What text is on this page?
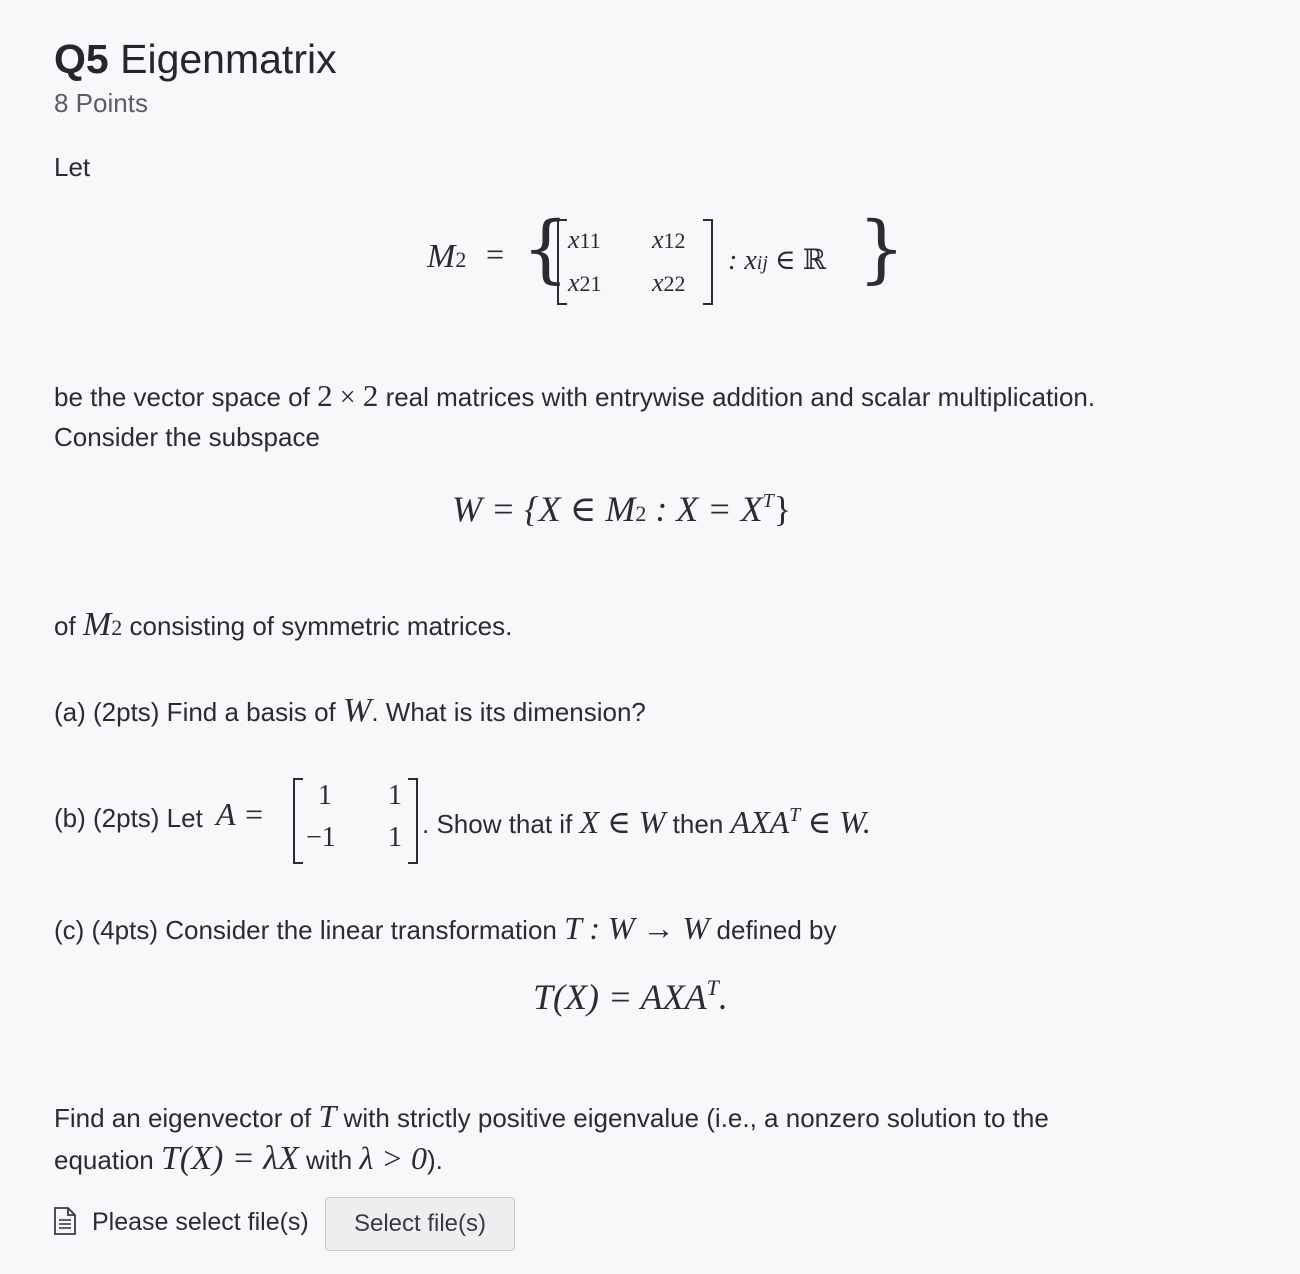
Q5 Eigenmatrix
8 Points
Let
M2 = {
x11 x12
x21 x22
: xij ∈ ℝ }
be the vector space of 2 × 2 real matrices with entrywise addition and scalar multiplication.
Consider the subspace
W = {X ∈ M2 : $X = X^T$}
of M2 consisting of symmetric matrices.
(a) (2pts) Find a basis of W. What is its dimension?
(b) (2pts) Let A =
1 1
−1 1 . Show that if X ∈ W then $AXA^T$ ∈ W.
(c) (4pts) Consider the linear transformation T : W → W defined by
$T(X) = AXA^T$.
Find an eigenvector of T with strictly positive eigenvalue (i.e., a nonzero solution to the
equation T(X) = λX with λ > 0).
Please select file(s)	Select file(s)
